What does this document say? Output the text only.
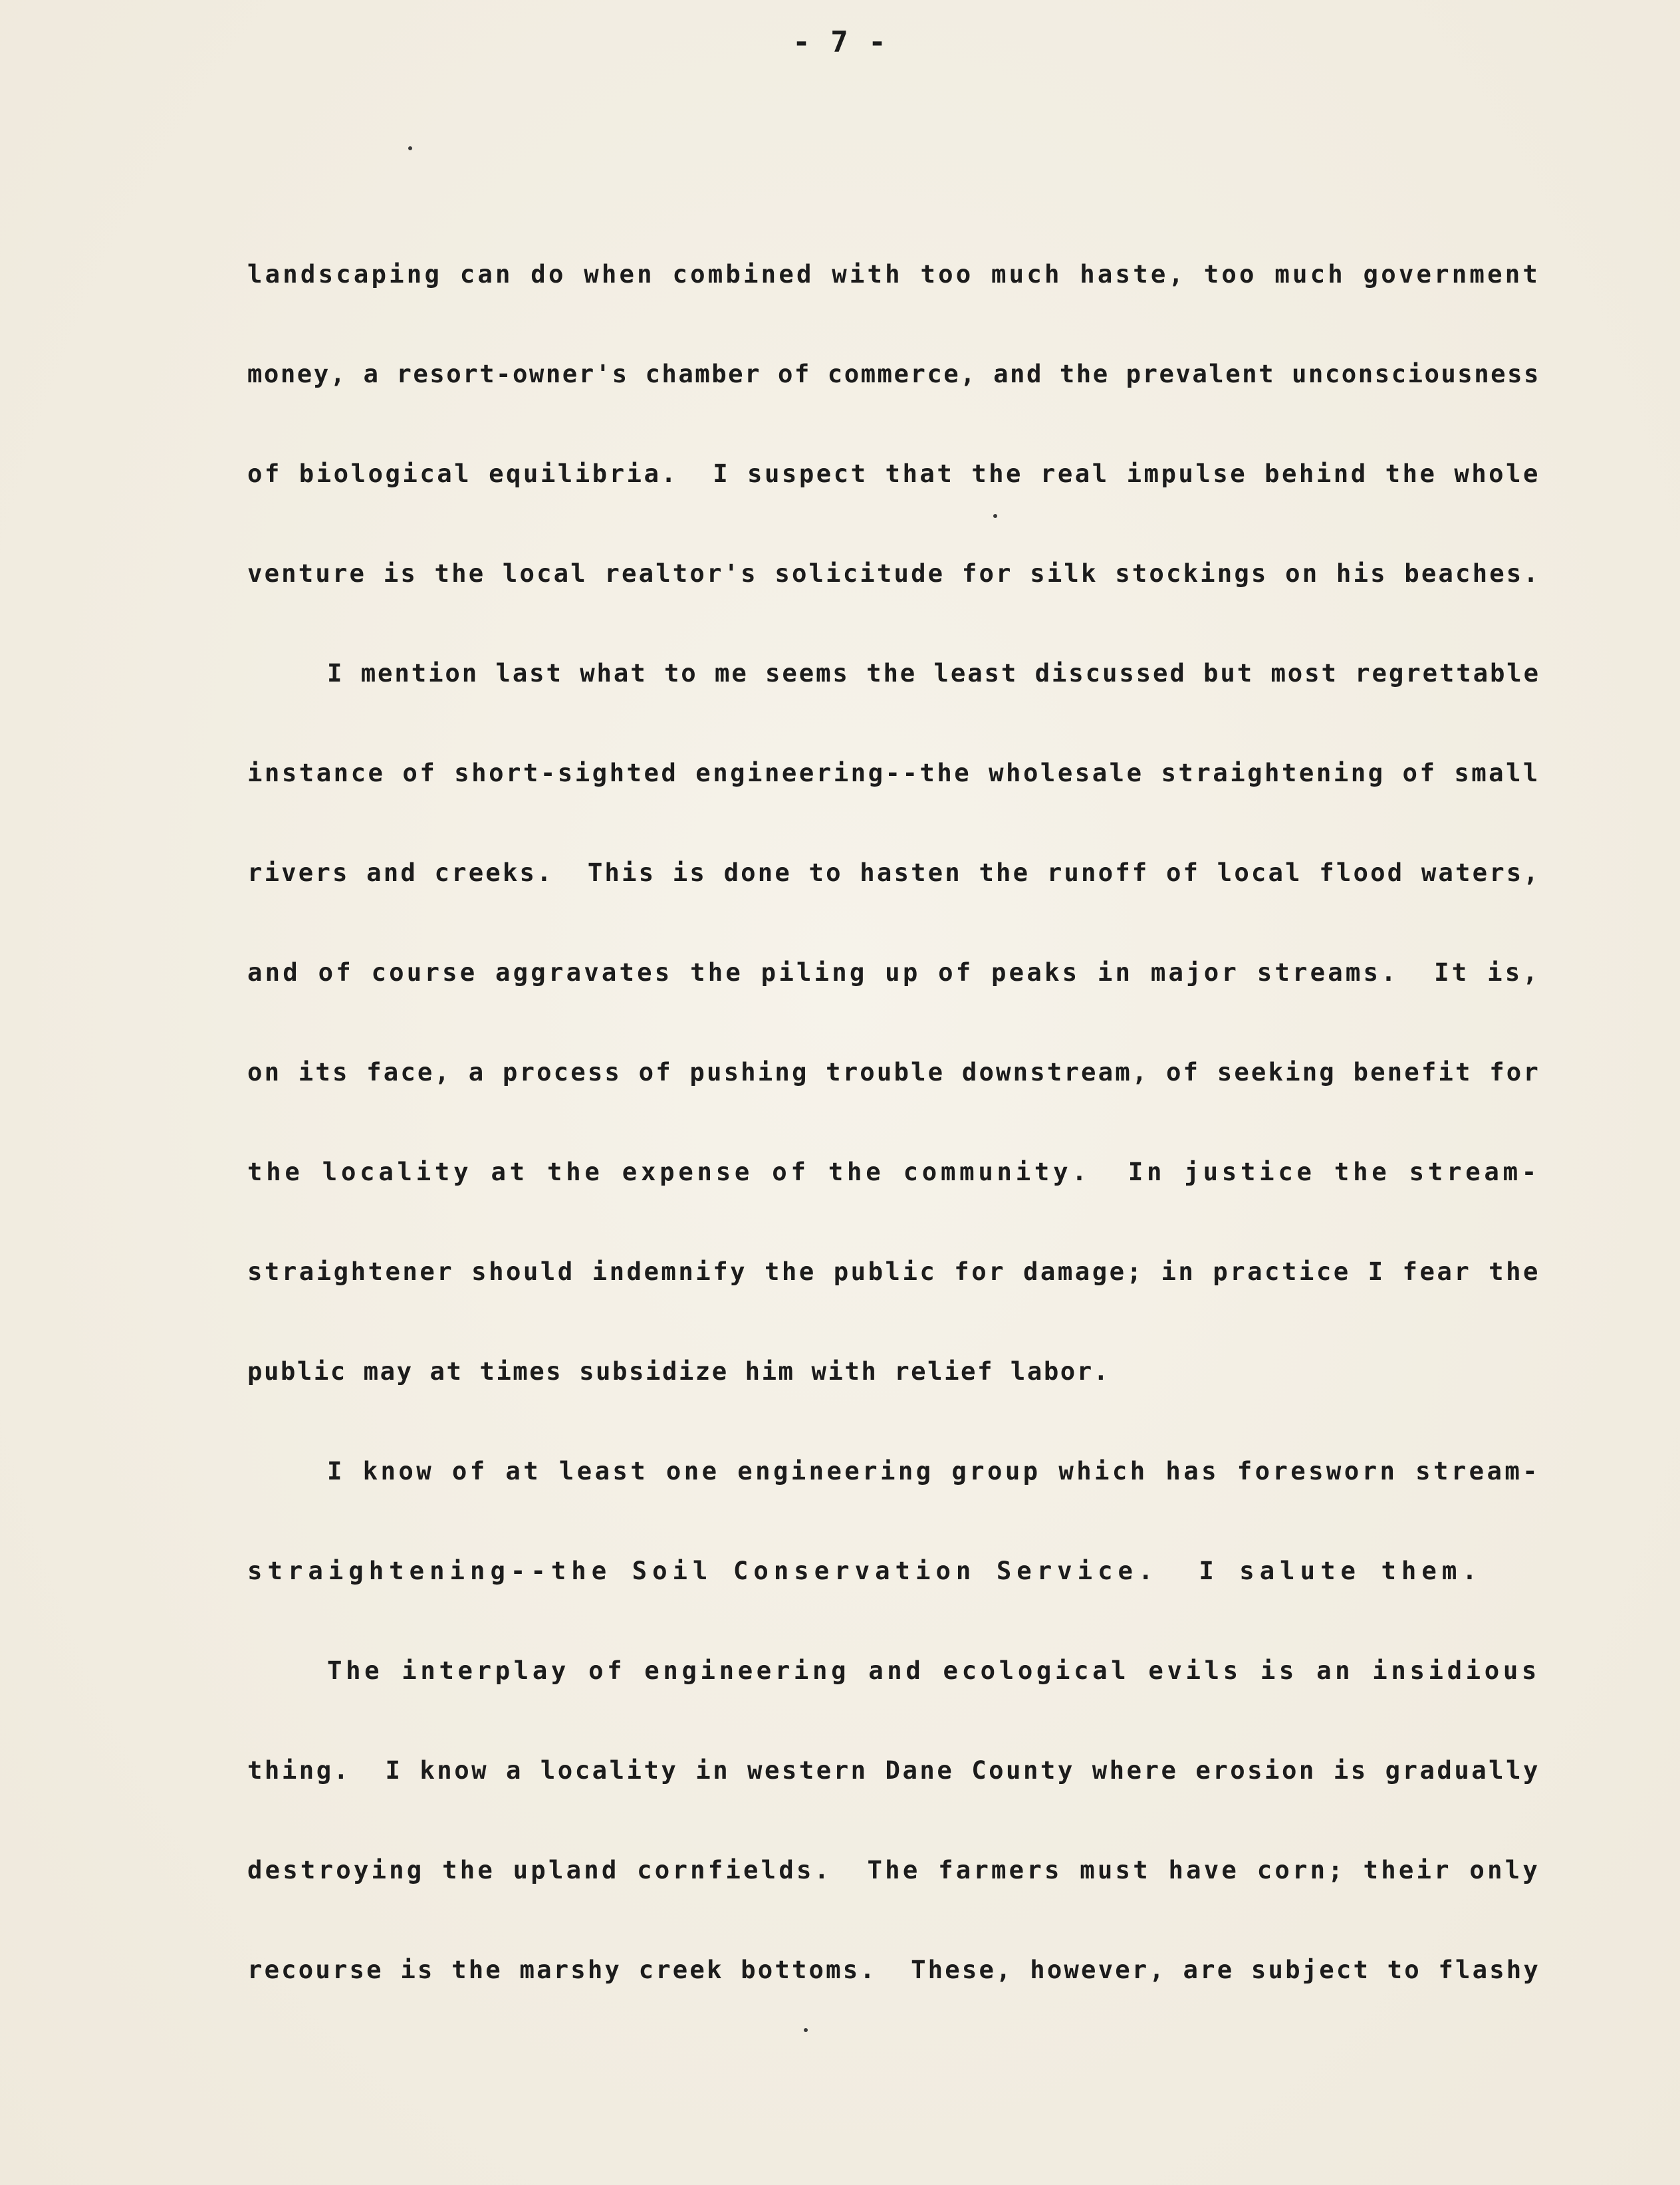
- 7 -
landscaping can do when combined with too much haste, too much government
money, a resort-owner's chamber of commerce, and the prevalent unconsciousness
of biological equilibria.  I suspect that the real impulse behind the whole
venture is the local realtor's solicitude for silk stockings on his beaches.
I mention last what to me seems the least discussed but most regrettable
instance of short-sighted engineering--the wholesale straightening of small
rivers and creeks.  This is done to hasten the runoff of local flood waters,
and of course aggravates the piling up of peaks in major streams.  It is,
on its face, a process of pushing trouble downstream, of seeking benefit for
the locality at the expense of the community.  In justice the stream-
straightener should indemnify the public for damage; in practice I fear the
public may at times subsidize him with relief labor.
I know of at least one engineering group which has foresworn stream-
straightening--the Soil Conservation Service.  I salute them.
The interplay of engineering and ecological evils is an insidious
thing.  I know a locality in western Dane County where erosion is gradually
destroying the upland cornfields.  The farmers must have corn; their only
recourse is the marshy creek bottoms.  These, however, are subject to flashy
